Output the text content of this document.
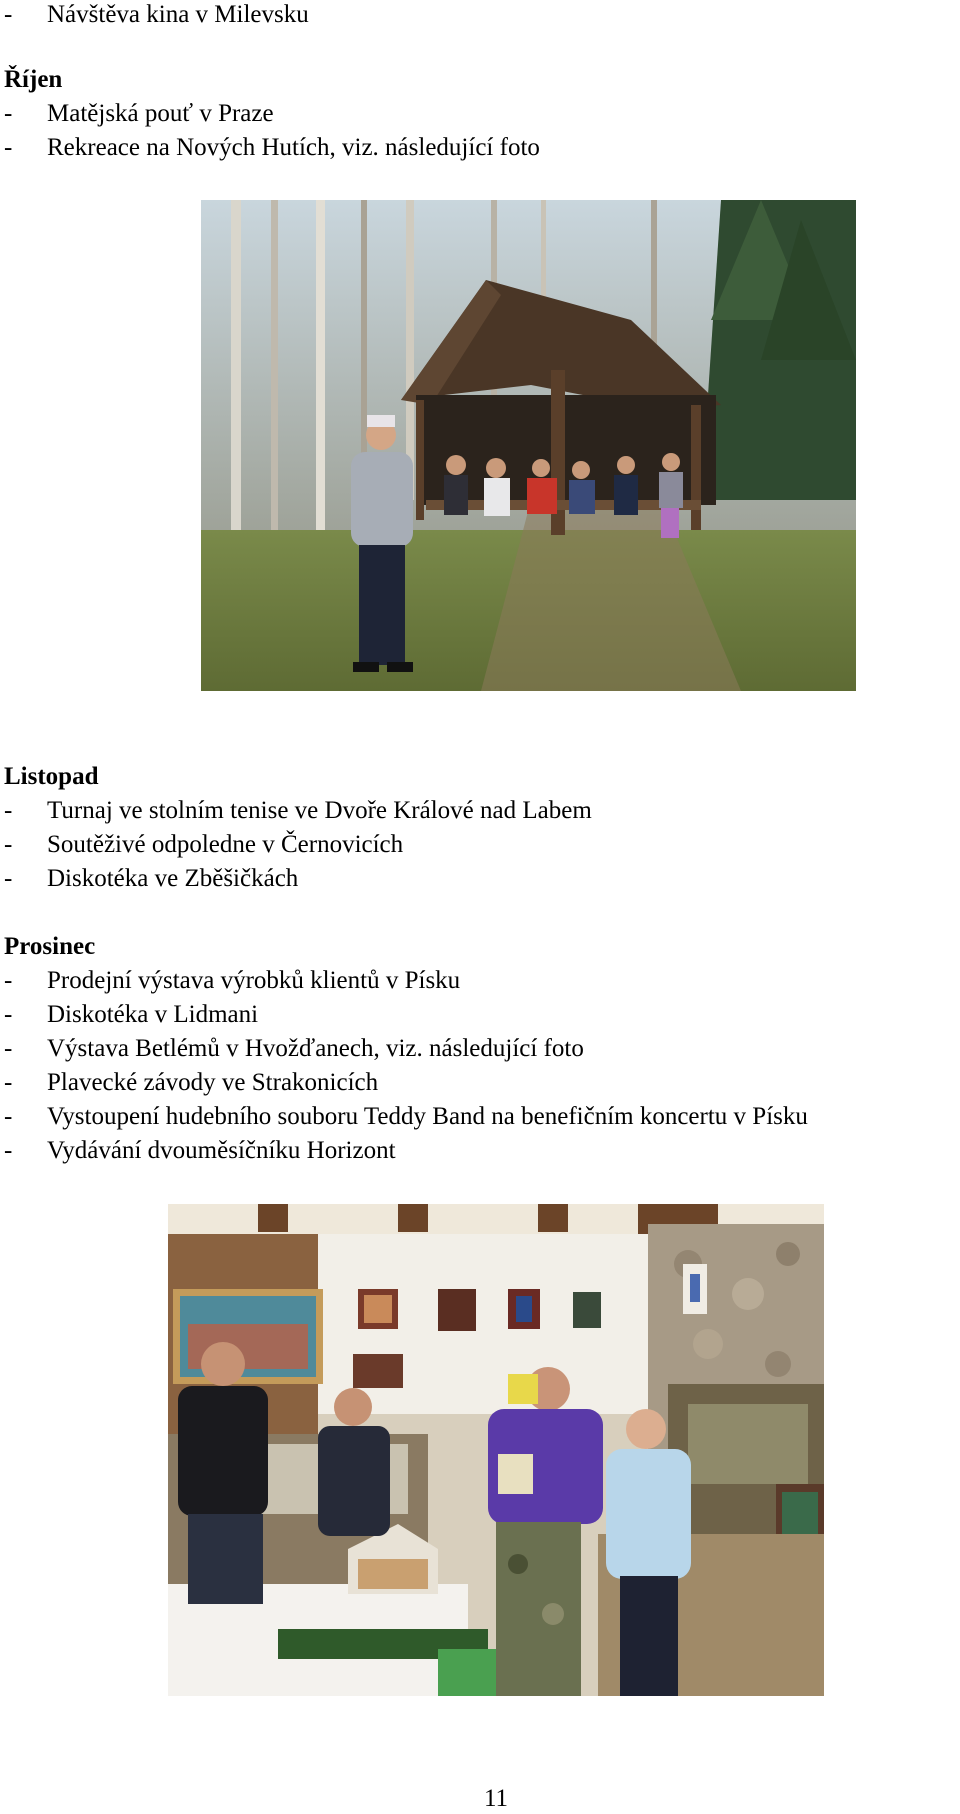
- Návštěva kina v Milevsku
Říjen
- Matějská pouť v Praze
- Rekreace na Nových Hutích, viz. následující foto
Listopad
- Turnaj ve stolním tenise ve Dvoře Králové nad Labem
- Soutěživé odpoledne v Černovicích
- Diskotéka ve Zběšičkách
Prosinec
- Prodejní výstava výrobků klientů v Písku
- Diskotéka v Lidmani
- Výstava Betlémů v Hvožďanech, viz. následující foto
- Plavecké závody ve Strakonicích
- Vystoupení hudebního souboru Teddy Band na benefičním koncertu v Písku
- Vydávání dvouměsíčníku Horizont
11
